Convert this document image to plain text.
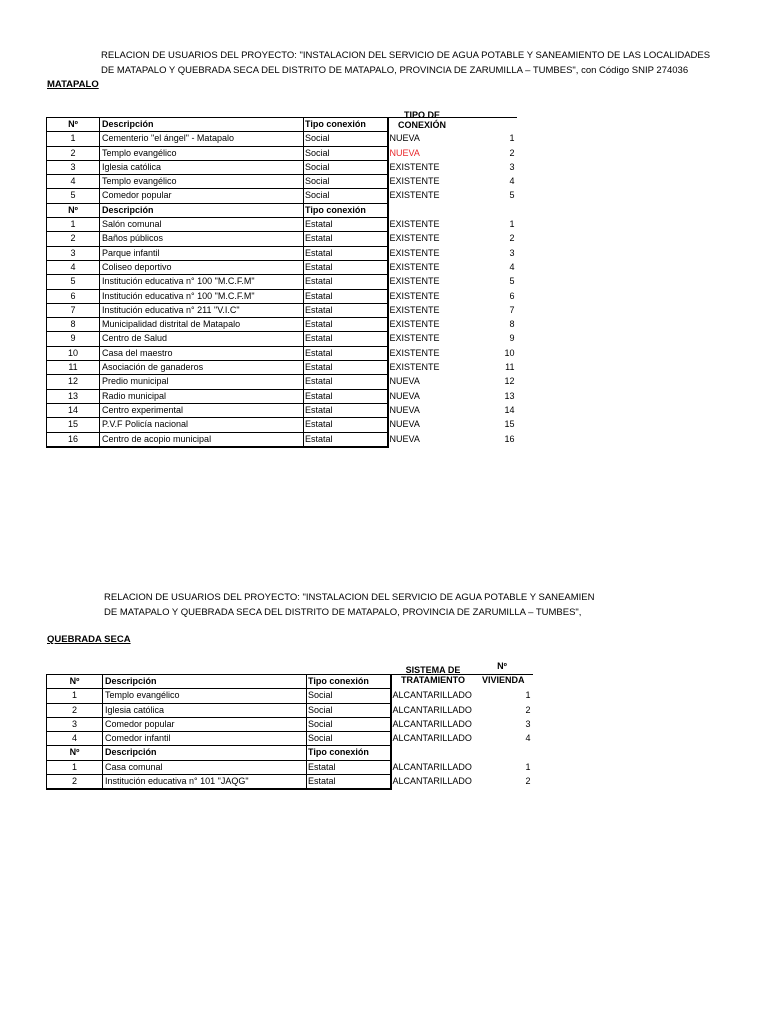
RELACION DE USUARIOS DEL PROYECTO: "INSTALACION DEL SERVICIO DE AGUA POTABLE Y SANEAMIENTO DE LAS LOCALIDADES
DE MATAPALO Y QUEBRADA SECA DEL DISTRITO DE MATAPALO, PROVINCIA DE ZARUMILLA – TUMBES", con Código SNIP 274036
MATAPALO
TIPO DE
CONEXIÓN
Nº	Descripción	Tipo conexión		
1	Cementerio "el ángel" - Matapalo	Social	NUEVA	1
2	Templo evangélico	Social	NUEVA	2
3	Iglesia católica	Social	EXISTENTE	3
4	Templo evangélico	Social	EXISTENTE	4
5	Comedor popular	Social	EXISTENTE	5
Nº	Descripción	Tipo conexión		
1	Salón comunal	Estatal	EXISTENTE	1
2	Baños públicos	Estatal	EXISTENTE	2
3	Parque infantil	Estatal	EXISTENTE	3
4	Coliseo deportivo	Estatal	EXISTENTE	4
5	Institución educativa n° 100 "M.C.F.M"	Estatal	EXISTENTE	5
6	Institución educativa n° 100 "M.C.F.M"	Estatal	EXISTENTE	6
7	Institución educativa n° 211 "V.I.C"	Estatal	EXISTENTE	7
8	Municipalidad distrital de Matapalo	Estatal	EXISTENTE	8
9	Centro de Salud	Estatal	EXISTENTE	9
10	Casa del maestro	Estatal	EXISTENTE	10
11	Asociación de ganaderos	Estatal	EXISTENTE	11
12	Predio municipal	Estatal	NUEVA	12
13	Radio municipal	Estatal	NUEVA	13
14	Centro experimental	Estatal	NUEVA	14
15	P.V.F Policía nacional	Estatal	NUEVA	15
16	Centro de acopio municipal	Estatal	NUEVA	16
RELACION DE USUARIOS DEL PROYECTO: "INSTALACION DEL SERVICIO DE AGUA POTABLE Y SANEAMIEN
DE MATAPALO Y QUEBRADA SECA DEL DISTRITO DE MATAPALO, PROVINCIA DE ZARUMILLA – TUMBES",
QUEBRADA SECA
SISTEMA DE
TRATAMIENTO
Nº
VIVIENDA
Nº	Descripción	Tipo conexión		
1	Templo evangélico	Social	ALCANTARILLADO	1
2	Iglesia católica	Social	ALCANTARILLADO	2
3	Comedor popular	Social	ALCANTARILLADO	3
4	Comedor infantil	Social	ALCANTARILLADO	4
Nº	Descripción	Tipo conexión		
1	Casa comunal	Estatal	ALCANTARILLADO	1
2	Institución educativa n° 101 "JAQG"	Estatal	ALCANTARILLADO	2
